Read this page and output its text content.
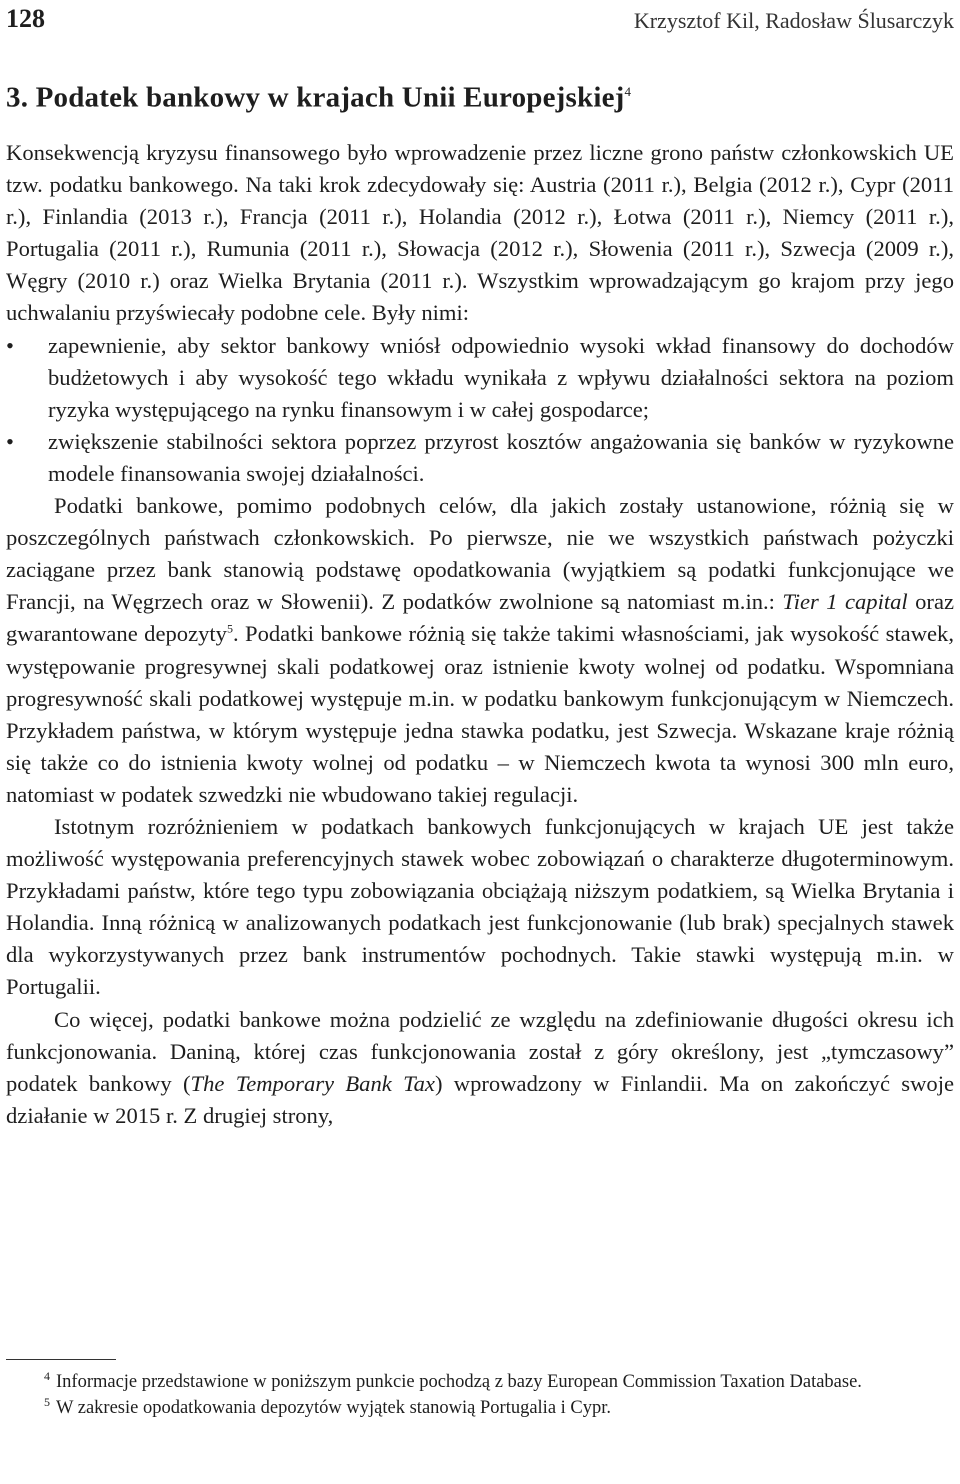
128	Krzysztof Kil, Radosław Ślusarczyk
3. Podatek bankowy w krajach Unii Europejskiej$^4$

Konsekwencją kryzysu finansowego było wprowadzenie przez liczne grono państw członkowskich UE tzw. podatku bankowego. Na taki krok zdecydowały się: Austria (2011 r.), Belgia (2012 r.), Cypr (2011 r.), Finlandia (2013 r.), Francja (2011 r.), Holandia (2012 r.), Łotwa (2011 r.), Niemcy (2011 r.), Portugalia (2011 r.), Rumunia (2011 r.), Słowacja (2012 r.), Słowenia (2011 r.), Szwecja (2009 r.), Węgry (2010 r.) oraz Wielka Brytania (2011 r.). Wszystkim wprowadzającym go krajom przy jego uchwalaniu przyświecały podobne cele. Były nimi:

• zapewnienie, aby sektor bankowy wniósł odpowiednio wysoki wkład finansowy do dochodów budżetowych i aby wysokość tego wkładu wynikała z wpływu działalności sektora na poziom ryzyka występującego na rynku finansowym i w całej gospodarce;
• zwiększenie stabilności sektora poprzez przyrost kosztów angażowania się banków w ryzykowne modele finansowania swojej działalności.

Podatki bankowe, pomimo podobnych celów, dla jakich zostały ustanowione, różnią się w poszczególnych państwach członkowskich. Po pierwsze, nie we wszystkich państwach pożyczki zaciągane przez bank stanowią podstawę opodatkowania (wyjątkiem są podatki funkcjonujące we Francji, na Węgrzech oraz w Słowenii). Z podatków zwolnione są natomiast m.in.: Tier 1 capital oraz gwarantowane depozyty$^5$. Podatki bankowe różnią się także takimi własnościami, jak wysokość stawek, występowanie progresywnej skali podatkowej oraz istnienie kwoty wolnej od podatku. Wspomniana progresywność skali podatkowej występuje m.in. w podatku bankowym funkcjonującym w Niemczech. Przykładem państwa, w którym występuje jedna stawka podatku, jest Szwecja. Wskazane kraje różnią się także co do istnienia kwoty wolnej od podatku – w Niemczech kwota ta wynosi 300 mln euro, natomiast w podatek szwedzki nie wbudowano takiej regulacji.

Istotnym rozróżnieniem w podatkach bankowych funkcjonujących w krajach UE jest także możliwość występowania preferencyjnych stawek wobec zobowiązań o charakterze długoterminowym. Przykładami państw, które tego typu zobowiązania obciążają niższym podatkiem, są Wielka Brytania i Holandia. Inną różnicą w analizowanych podatkach jest funkcjonowanie (lub brak) specjalnych stawek dla wykorzystywanych przez bank instrumentów pochodnych. Takie stawki występują m.in. w Portugalii.

Co więcej, podatki bankowe można podzielić ze względu na zdefiniowanie długości okresu ich funkcjonowania. Daniną, której czas funkcjonowania został z góry określony, jest „tymczasowy” podatek bankowy (The Temporary Bank Tax) wprowadzony w Finlandii. Ma on zakończyć swoje działanie w 2015 r. Z drugiej strony,

$^4$ Informacje przedstawione w poniższym punkcie pochodzą z bazy European Commission Taxation Database.

$^5$ W zakresie opodatkowania depozytów wyjątek stanowią Portugalia i Cypr.
